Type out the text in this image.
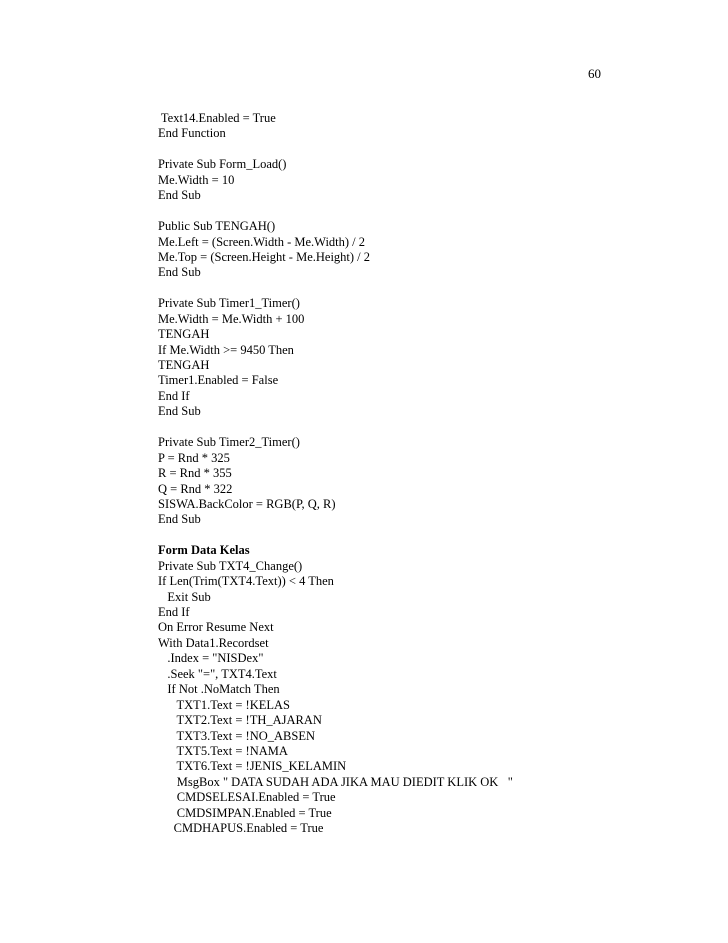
60
Text14.Enabled = True
End Function
Private Sub Form_Load()
Me.Width = 10
End Sub
Public Sub TENGAH()
Me.Left = (Screen.Width - Me.Width) / 2
Me.Top = (Screen.Height - Me.Height) / 2
End Sub
Private Sub Timer1_Timer()
Me.Width = Me.Width + 100
TENGAH
If Me.Width >= 9450 Then
TENGAH
Timer1.Enabled = False
End If
End Sub
Private Sub Timer2_Timer()
P = Rnd * 325
R = Rnd * 355
Q = Rnd * 322
SISWA.BackColor = RGB(P, Q, R)
End Sub
Form Data Kelas
Private Sub TXT4_Change()
If Len(Trim(TXT4.Text)) < 4 Then
Exit Sub
End If
On Error Resume Next
With Data1.Recordset
.Index = "NISDex"
.Seek "=", TXT4.Text
If Not .NoMatch Then
TXT1.Text = !KELAS
TXT2.Text = !TH_AJARAN
TXT3.Text = !NO_ABSEN
TXT5.Text = !NAMA
TXT6.Text = !JENIS_KELAMIN
MsgBox " DATA SUDAH ADA JIKA MAU DIEDIT KLIK OK   "
CMDSELESAI.Enabled = True
CMDSIMPAN.Enabled = True
CMDHAPUS.Enabled = True
